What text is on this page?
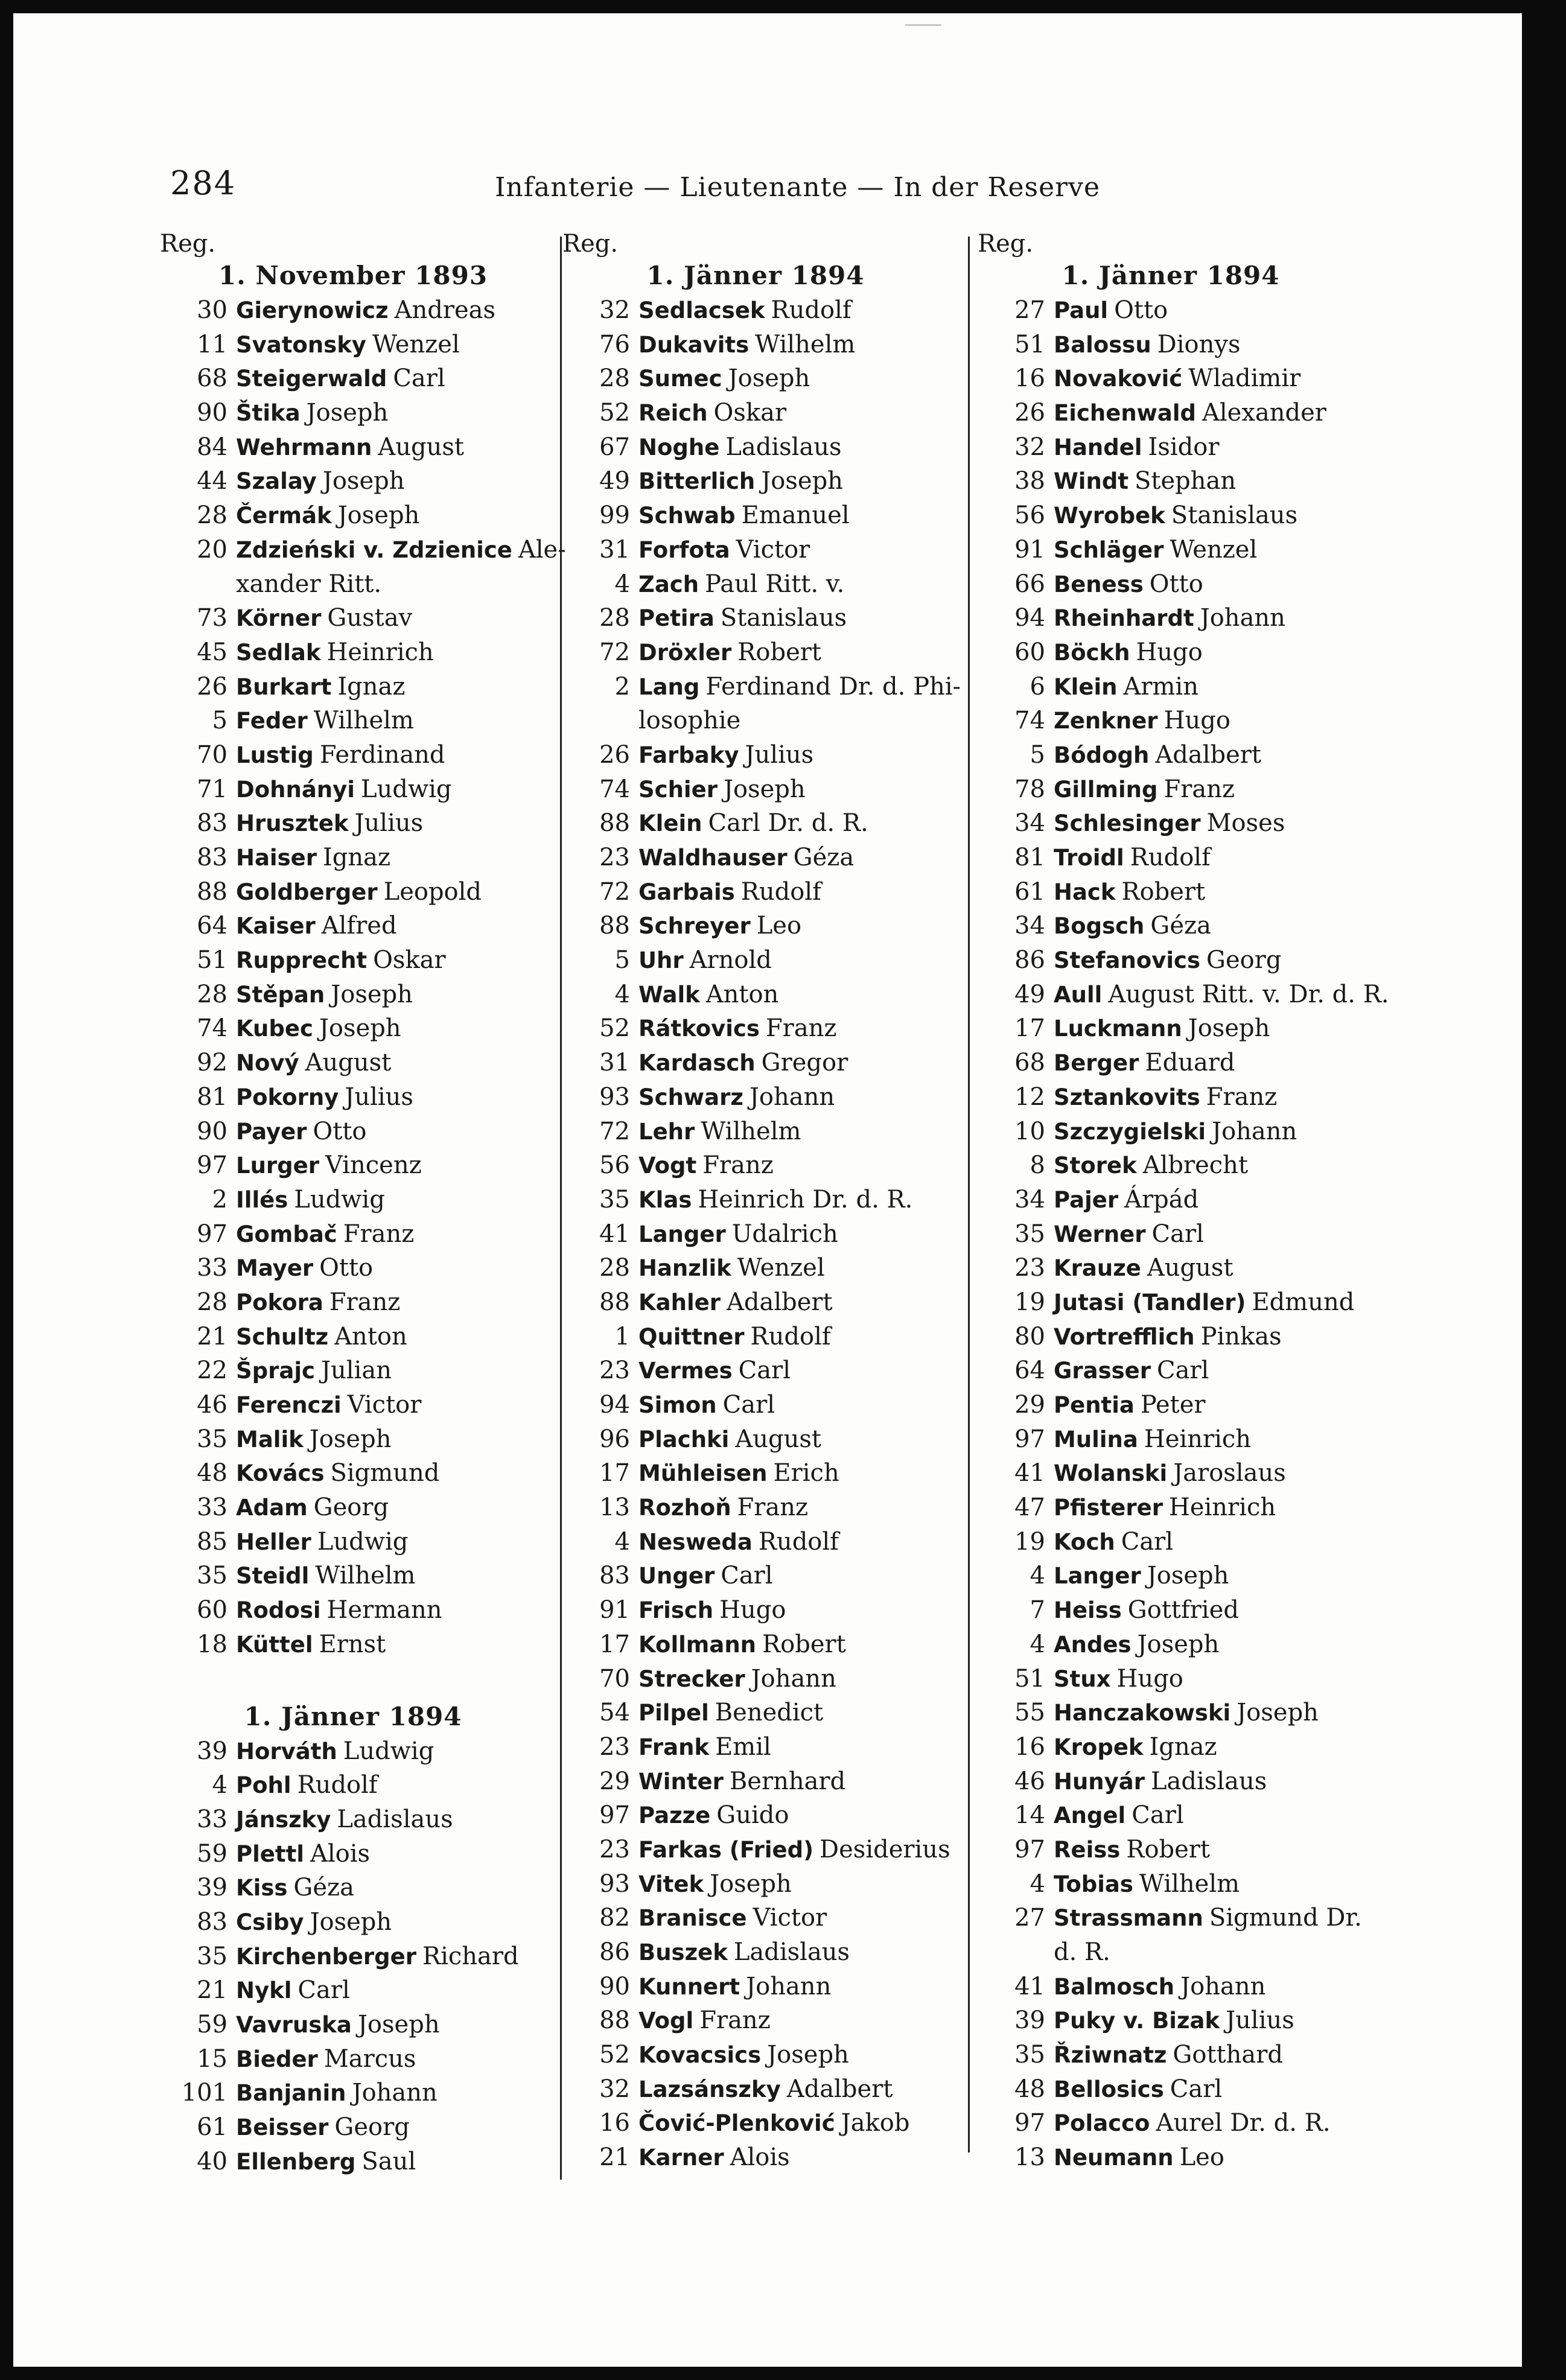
284	Infanterie — Lieutenante — In der Reserve
Reg.
1. November 1893
30 Gierynowicz Andreas
11 Svatonsky Wenzel
68 Steigerwald Carl
90 Štika Joseph
84 Wehrmann August
44 Szalay Joseph
28 Čermák Joseph
20 Zdzieński v. Zdzienice Ale-
xander Ritt.
73 Körner Gustav
45 Sedlak Heinrich
26 Burkart Ignaz
5 Feder Wilhelm
70 Lustig Ferdinand
71 Dohnányi Ludwig
83 Hrusztek Julius
83 Haiser Ignaz
88 Goldberger Leopold
64 Kaiser Alfred
51 Rupprecht Oskar
28 Stěpan Joseph
74 Kubec Joseph
92 Nový August
81 Pokorny Julius
90 Payer Otto
97 Lurger Vincenz
2 Illés Ludwig
97 Gombač Franz
33 Mayer Otto
28 Pokora Franz
21 Schultz Anton
22 Šprajc Julian
46 Ferenczi Victor
35 Malik Joseph
48 Kovács Sigmund
33 Adam Georg
85 Heller Ludwig
35 Steidl Wilhelm
60 Rodosi Hermann
18 Küttel Ernst
1. Jänner 1894
39 Horváth Ludwig
4 Pohl Rudolf
33 Jánszky Ladislaus
59 Plettl Alois
39 Kiss Géza
83 Csiby Joseph
35 Kirchenberger Richard
21 Nykl Carl
59 Vavruska Joseph
15 Bieder Marcus
101 Banjanin Johann
61 Beisser Georg
40 Ellenberg Saul
Reg.
1. Jänner 1894
32 Sedlacsek Rudolf
76 Dukavits Wilhelm
28 Sumec Joseph
52 Reich Oskar
67 Noghe Ladislaus
49 Bitterlich Joseph
99 Schwab Emanuel
31 Forfota Victor
4 Zach Paul Ritt. v.
28 Petira Stanislaus
72 Dröxler Robert
2 Lang Ferdinand Dr. d. Phi-
losophie
26 Farbaky Julius
74 Schier Joseph
88 Klein Carl Dr. d. R.
23 Waldhauser Géza
72 Garbais Rudolf
88 Schreyer Leo
5 Uhr Arnold
4 Walk Anton
52 Rátkovics Franz
31 Kardasch Gregor
93 Schwarz Johann
72 Lehr Wilhelm
56 Vogt Franz
35 Klas Heinrich Dr. d. R.
41 Langer Udalrich
28 Hanzlik Wenzel
88 Kahler Adalbert
1 Quittner Rudolf
23 Vermes Carl
94 Simon Carl
96 Plachki August
17 Mühleisen Erich
13 Rozhoň Franz
4 Nesweda Rudolf
83 Unger Carl
91 Frisch Hugo
17 Kollmann Robert
70 Strecker Johann
54 Pilpel Benedict
23 Frank Emil
29 Winter Bernhard
97 Pazze Guido
23 Farkas (Fried) Desiderius
93 Vitek Joseph
82 Branisce Victor
86 Buszek Ladislaus
90 Kunnert Johann
88 Vogl Franz
52 Kovacsics Joseph
32 Lazsánszky Adalbert
16 Čović-Plenković Jakob
21 Karner Alois
Reg.
1. Jänner 1894
27 Paul Otto
51 Balossu Dionys
16 Novaković Wladimir
26 Eichenwald Alexander
32 Handel Isidor
38 Windt Stephan
56 Wyrobek Stanislaus
91 Schläger Wenzel
66 Beness Otto
94 Rheinhardt Johann
60 Böckh Hugo
6 Klein Armin
74 Zenkner Hugo
5 Bódogh Adalbert
78 Gillming Franz
34 Schlesinger Moses
81 Troidl Rudolf
61 Hack Robert
34 Bogsch Géza
86 Stefanovics Georg
49 Aull August Ritt. v. Dr. d. R.
17 Luckmann Joseph
68 Berger Eduard
12 Sztankovits Franz
10 Szczygielski Johann
8 Storek Albrecht
34 Pajer Árpád
35 Werner Carl
23 Krauze August
19 Jutasi (Tandler) Edmund
80 Vortrefflich Pinkas
64 Grasser Carl
29 Pentia Peter
97 Mulina Heinrich
41 Wolanski Jaroslaus
47 Pfisterer Heinrich
19 Koch Carl
4 Langer Joseph
7 Heiss Gottfried
4 Andes Joseph
51 Stux Hugo
55 Hanczakowski Joseph
16 Kropek Ignaz
46 Hunyár Ladislaus
14 Angel Carl
97 Reiss Robert
4 Tobias Wilhelm
27 Strassmann Sigmund Dr.
d. R.
41 Balmosch Johann
39 Puky v. Bizak Julius
35 Řziwnatz Gotthard
48 Bellosics Carl
97 Polacco Aurel Dr. d. R.
13 Neumann Leo
